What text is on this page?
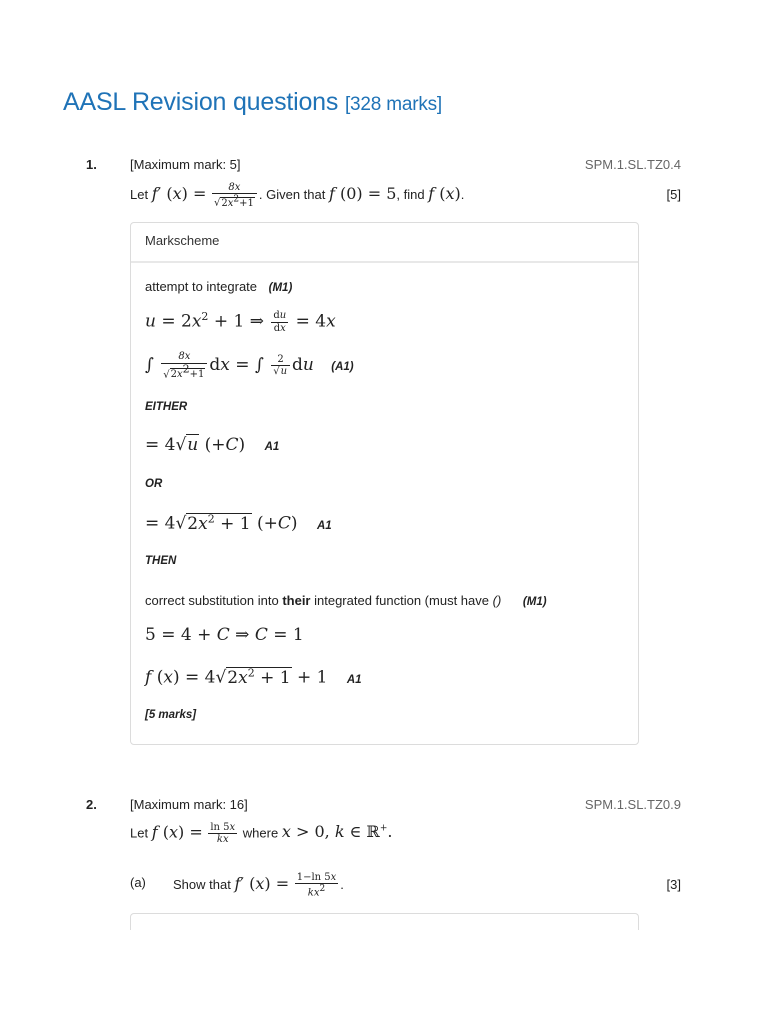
AASL Revision questions [328 marks]
1.	[Maximum mark: 5]	SPM.1.SL.TZ0.4
Let f′ $(x) = \frac{8x}{√2x^2+1}$ . Given that f (0) = 5, find f (x).	[5]
Markscheme
attempt to integrate (M1)
$u = 2x^2 + 1$ ⇒ $\frac{du}{dx} = 4x$
∫ $\frac{8x}{√2x^2+1}$ dx = ∫ $\frac{2}{√u}$ du (A1)
EITHER
= 4√u (+C) A1
OR
= $4√2x^2 + 1$ (+C) A1
THEN
correct substitution into their integrated function (must have () (M1)
5 = 4 + C ⇒ C = 1
f $(x) = 4√2x^2 + 1 + 1$ A1
[5 marks]
2.	[Maximum mark: 16]	SPM.1.SL.TZ0.9
Let f $(x) = \frac{\ln 5x}{kx}$ where x > 0, k ∈ ℝ+.
(a) Show that f′ $(x) = \frac{1-\ln 5x}{kx^2}$ .	[3]
